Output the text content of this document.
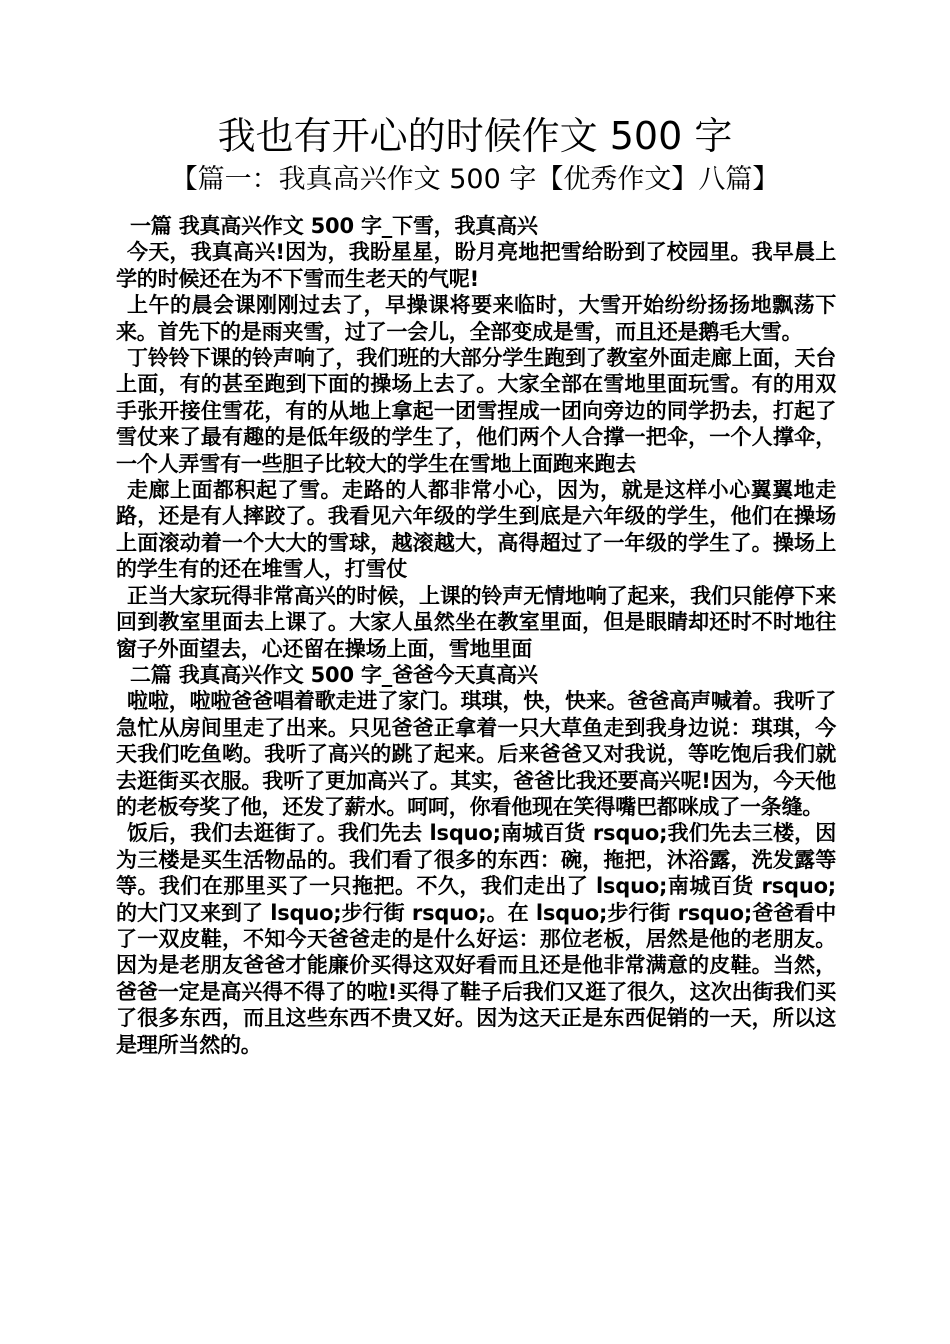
我也有开心的时候作文 500 字
【篇一：我真高兴作文 500 字【优秀作文】八篇】

一篇 我真高兴作文 500 字_下雪，我真高兴

今天，我真高兴!因为，我盼星星，盼月亮地把雪给盼到了校园里。我早晨上学的时候还在为不下雪而生老天的气呢!

上午的晨会课刚刚过去了，早操课将要来临时，大雪开始纷纷扬扬地飘荡下来。首先下的是雨夹雪，过了一会儿，全部变成是雪，而且还是鹅毛大雪。

丁铃铃下课的铃声响了，我们班的大部分学生跑到了教室外面走廊上面，天台上面，有的甚至跑到下面的操场上去了。大家全部在雪地里面玩雪。有的用双手张开接住雪花，有的从地上拿起一团雪捏成一团向旁边的同学扔去，打起了雪仗来了最有趣的是低年级的学生了，他们两个人合撑一把伞，一个人撑伞，一个人弄雪有一些胆子比较大的学生在雪地上面跑来跑去

走廊上面都积起了雪。走路的人都非常小心，因为，就是这样小心翼翼地走路，还是有人摔跤了。我看见六年级的学生到底是六年级的学生，他们在操场上面滚动着一个大大的雪球，越滚越大，高得超过了一年级的学生了。操场上的学生有的还在堆雪人，打雪仗

正当大家玩得非常高兴的时候，上课的铃声无情地响了起来，我们只能停下来回到教室里面去上课了。大家人虽然坐在教室里面，但是眼睛却还时不时地往窗子外面望去，心还留在操场上面，雪地里面

二篇 我真高兴作文 500 字_爸爸今天真高兴

啦啦，啦啦爸爸唱着歌走进了家门。琪琪，快，快来。爸爸高声喊着。我听了急忙从房间里走了出来。只见爸爸正拿着一只大草鱼走到我身边说：琪琪，今天我们吃鱼哟。我听了高兴的跳了起来。后来爸爸又对我说，等吃饱后我们就去逛街买衣服。我听了更加高兴了。其实，爸爸比我还要高兴呢!因为，今天他的老板夸奖了他，还发了薪水。呵呵，你看他现在笑得嘴巴都咪成了一条缝。

饭后，我们去逛街了。我们先去 lsquo;南城百货 rsquo;我们先去三楼，因为三楼是买生活物品的。我们看了很多的东西：碗，拖把，沐浴露，洗发露等等。我们在那里买了一只拖把。不久，我们走出了 lsquo;南城百货 rsquo;的大门又来到了 lsquo;步行街 rsquo;。在 lsquo;步行街 rsquo;爸爸看中了一双皮鞋，不知今天爸爸走的是什么好运：那位老板，居然是他的老朋友。因为是老朋友爸爸才能廉价买得这双好看而且还是他非常满意的皮鞋。当然，爸爸一定是高兴得不得了的啦!买得了鞋子后我们又逛了很久，这次出街我们买了很多东西，而且这些东西不贵又好。因为这天正是东西促销的一天，所以这是理所当然的。
